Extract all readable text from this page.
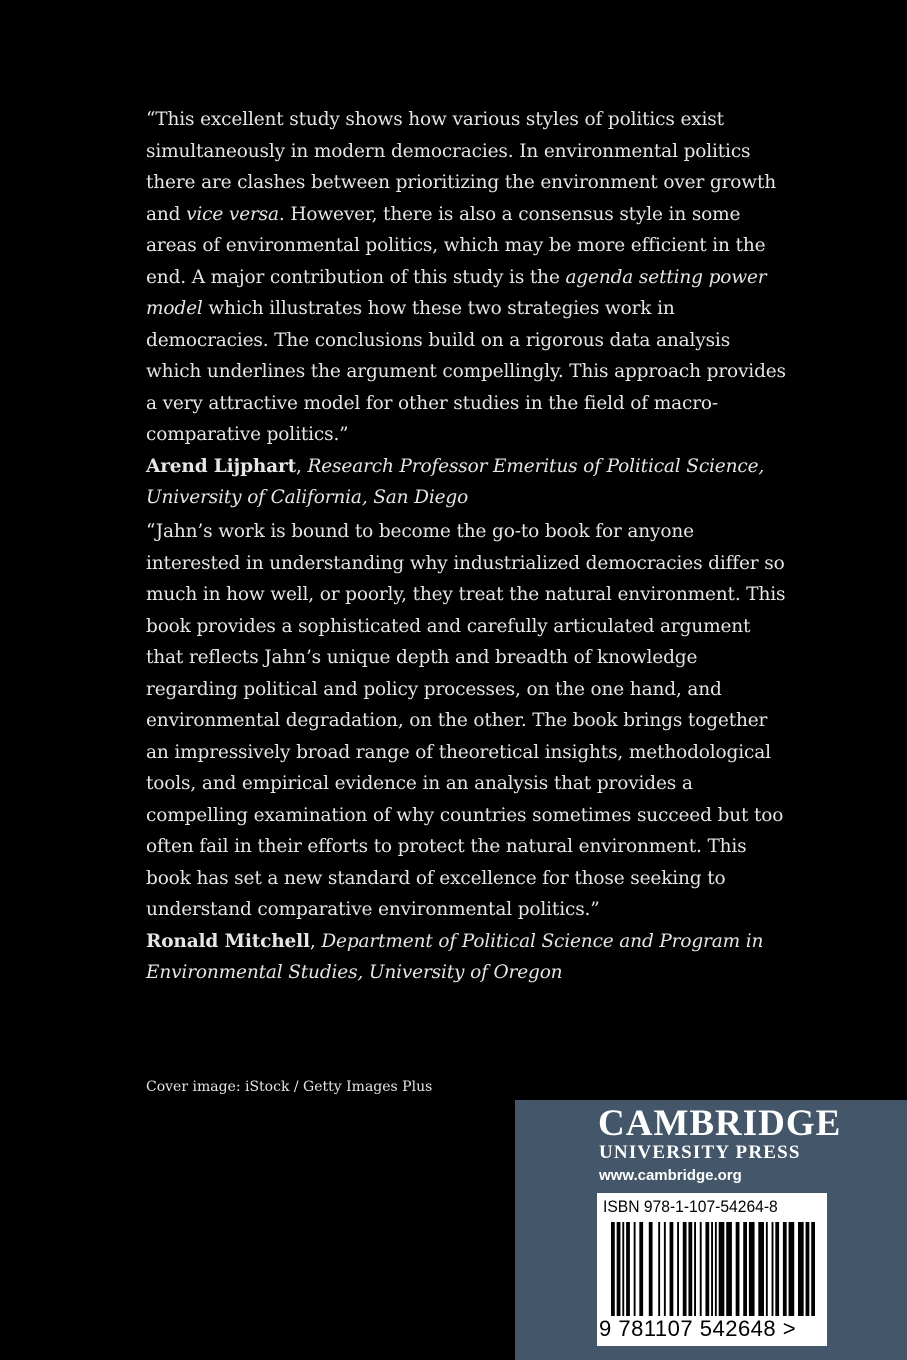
“This excellent study shows how various styles of politics exist simultaneously in modern democracies. In environmental politics there are clashes between prioritizing the environment over growth and vice versa. However, there is also a consensus style in some areas of environmental politics, which may be more efficient in the end. A major contribution of this study is the agenda setting power model which illustrates how these two strategies work in democracies. The conclusions build on a rigorous data analysis which underlines the argument compellingly. This approach provides a very attractive model for other studies in the field of macro-comparative politics.”

Arend Lijphart, Research Professor Emeritus of Political Science, University of California, San Diego

“Jahn’s work is bound to become the go-to book for anyone interested in understanding why industrialized democracies differ so much in how well, or poorly, they treat the natural environment. This book provides a sophisticated and carefully articulated argument that reflects Jahn’s unique depth and breadth of knowledge regarding political and policy processes, on the one hand, and environmental degradation, on the other. The book brings together an impressively broad range of theoretical insights, methodological tools, and empirical evidence in an analysis that provides a compelling examination of why countries sometimes succeed but too often fail in their efforts to protect the natural environment. This book has set a new standard of excellence for those seeking to understand comparative environmental politics.”

Ronald Mitchell, Department of Political Science and Program in Environmental Studies, University of Oregon

Cover image: iStock / Getty Images Plus
CAMBRIDGE
UNIVERSITY PRESS
www.cambridge.org
ISBN 978-1-107-54264-8
9 781107 542648 >
